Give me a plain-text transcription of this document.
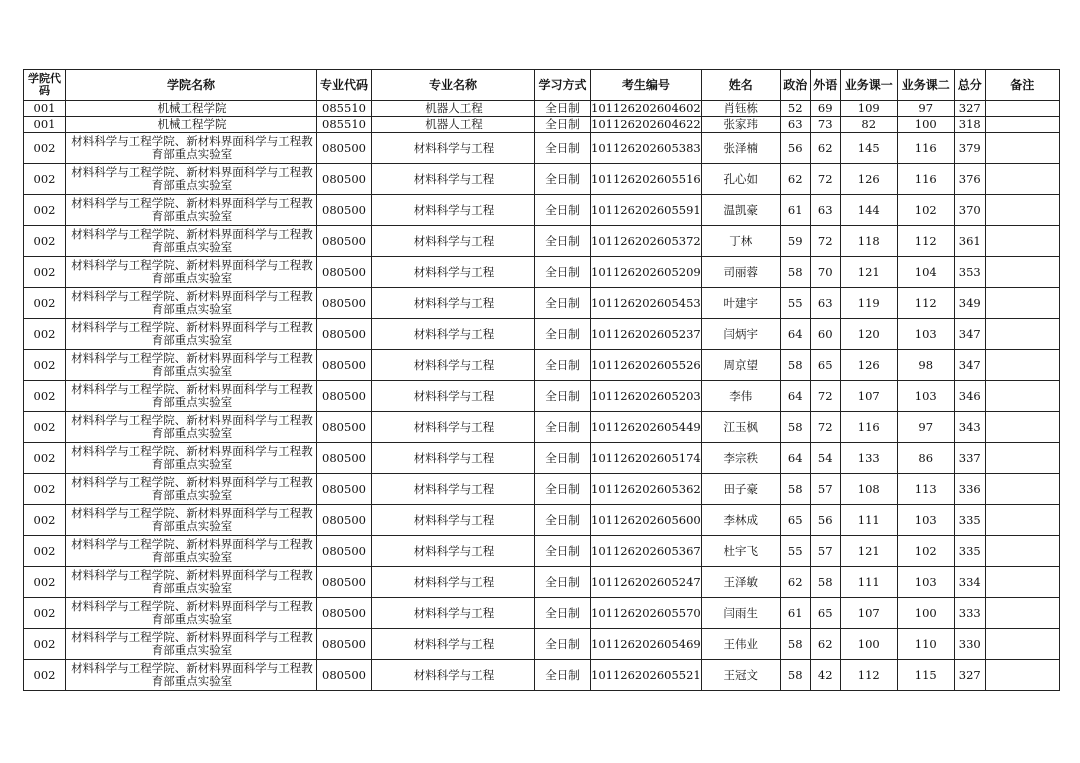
学院代码	学院名称	专业代码	专业名称	学习方式	考生编号	姓名	政治	外语	业务课一	业务课二	总分	备注
001	机械工程学院	085510	机器人工程	全日制	101126202604602	肖钰栋	52	69	109	97	327	
001	机械工程学院	085510	机器人工程	全日制	101126202604622	张家玮	63	73	82	100	318	
002	材料科学与工程学院、新材料界面科学与工程教育部重点实验室	080500	材料科学与工程	全日制	101126202605383	张泽楠	56	62	145	116	379	
002	材料科学与工程学院、新材料界面科学与工程教育部重点实验室	080500	材料科学与工程	全日制	101126202605516	孔心如	62	72	126	116	376	
002	材料科学与工程学院、新材料界面科学与工程教育部重点实验室	080500	材料科学与工程	全日制	101126202605591	温凯豪	61	63	144	102	370	
002	材料科学与工程学院、新材料界面科学与工程教育部重点实验室	080500	材料科学与工程	全日制	101126202605372	丁林	59	72	118	112	361	
002	材料科学与工程学院、新材料界面科学与工程教育部重点实验室	080500	材料科学与工程	全日制	101126202605209	司丽蓉	58	70	121	104	353	
002	材料科学与工程学院、新材料界面科学与工程教育部重点实验室	080500	材料科学与工程	全日制	101126202605453	叶建宇	55	63	119	112	349	
002	材料科学与工程学院、新材料界面科学与工程教育部重点实验室	080500	材料科学与工程	全日制	101126202605237	闫炳宇	64	60	120	103	347	
002	材料科学与工程学院、新材料界面科学与工程教育部重点实验室	080500	材料科学与工程	全日制	101126202605526	周京望	58	65	126	98	347	
002	材料科学与工程学院、新材料界面科学与工程教育部重点实验室	080500	材料科学与工程	全日制	101126202605203	李伟	64	72	107	103	346	
002	材料科学与工程学院、新材料界面科学与工程教育部重点实验室	080500	材料科学与工程	全日制	101126202605449	江玉枫	58	72	116	97	343	
002	材料科学与工程学院、新材料界面科学与工程教育部重点实验室	080500	材料科学与工程	全日制	101126202605174	李宗秩	64	54	133	86	337	
002	材料科学与工程学院、新材料界面科学与工程教育部重点实验室	080500	材料科学与工程	全日制	101126202605362	田子豪	58	57	108	113	336	
002	材料科学与工程学院、新材料界面科学与工程教育部重点实验室	080500	材料科学与工程	全日制	101126202605600	李林成	65	56	111	103	335	
002	材料科学与工程学院、新材料界面科学与工程教育部重点实验室	080500	材料科学与工程	全日制	101126202605367	杜宇飞	55	57	121	102	335	
002	材料科学与工程学院、新材料界面科学与工程教育部重点实验室	080500	材料科学与工程	全日制	101126202605247	王泽敏	62	58	111	103	334	
002	材料科学与工程学院、新材料界面科学与工程教育部重点实验室	080500	材料科学与工程	全日制	101126202605570	闫雨生	61	65	107	100	333	
002	材料科学与工程学院、新材料界面科学与工程教育部重点实验室	080500	材料科学与工程	全日制	101126202605469	王伟业	58	62	100	110	330	
002	材料科学与工程学院、新材料界面科学与工程教育部重点实验室	080500	材料科学与工程	全日制	101126202605521	王冠文	58	42	112	115	327	
